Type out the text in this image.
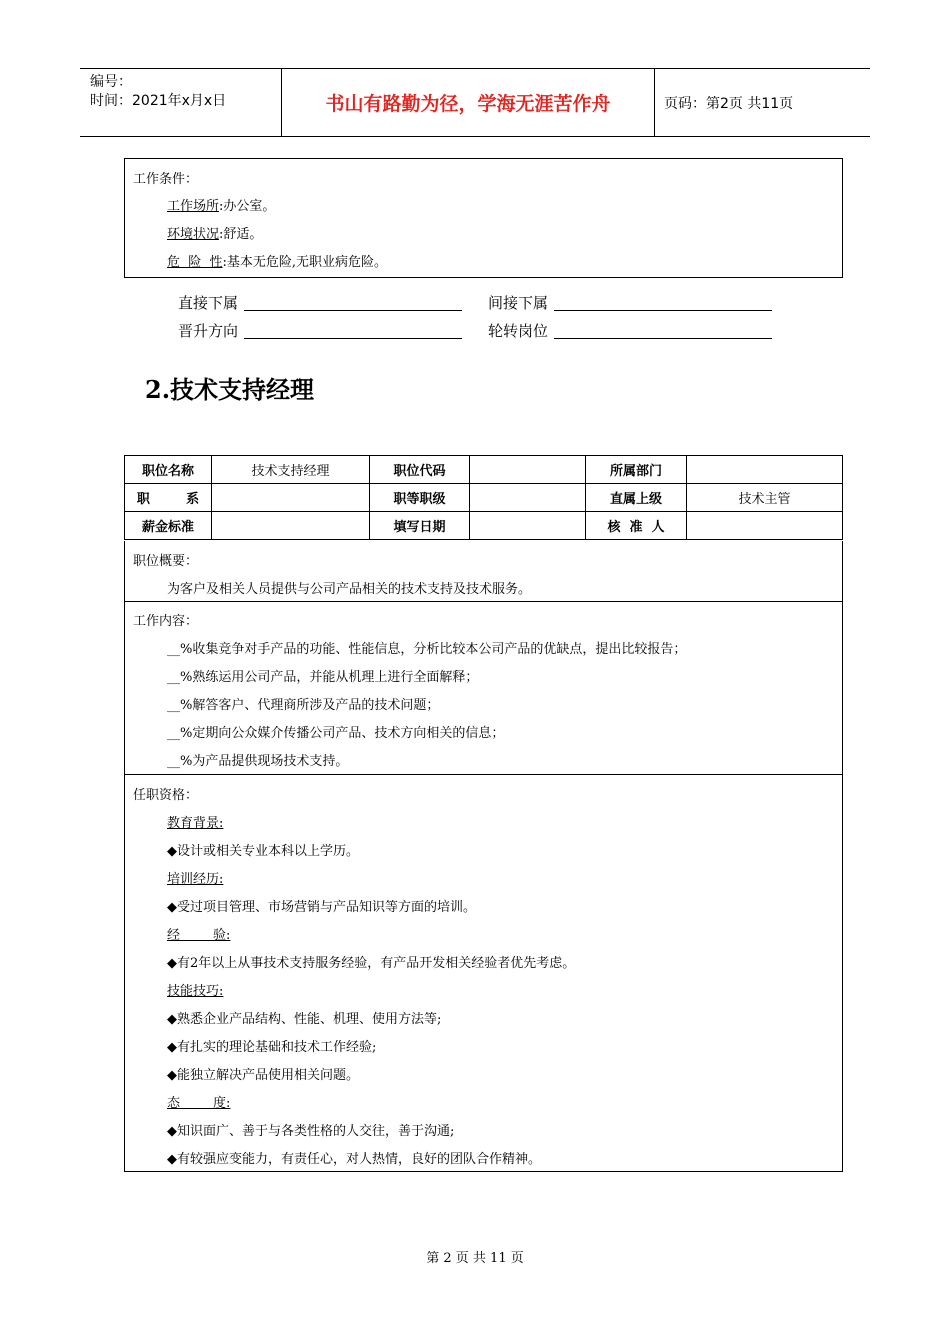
编号：
时间：2021年x月x日	书山有路勤为径，学海无涯苦作舟	页码：第2页 共11页
工作条件：
工作场所:办公室。
环境状况:舒适。
危  险  性:基本无危险,无职业病危险。
直接下属	间接下属
晋升方向	轮转岗位
2.技术支持经理
职位名称	技术支持经理	职位代码		所属部门	
职        系		职等职级		直属上级	技术主管
薪金标准		填写日期		核  准  人	
职位概要：
为客户及相关人员提供与公司产品相关的技术支持及技术服务。
工作内容：
__%收集竞争对手产品的功能、性能信息，分析比较本公司产品的优缺点，提出比较报告；
__%熟练运用公司产品，并能从机理上进行全面解释；
__%解答客户、代理商所涉及产品的技术问题；
__%定期向公众媒介传播公司产品、技术方向相关的信息；
__%为产品提供现场技术支持。
任职资格：
教育背景:
◆设计或相关专业本科以上学历。
培训经历:
◆受过项目管理、市场营销与产品知识等方面的培训。
经        验:
◆有2年以上从事技术支持服务经验，有产品开发相关经验者优先考虑。
技能技巧:
◆熟悉企业产品结构、性能、机理、使用方法等;
◆有扎实的理论基础和技术工作经验;
◆能独立解决产品使用相关问题。
态        度:
◆知识面广、善于与各类性格的人交往，善于沟通;
◆有较强应变能力，有责任心，对人热情，良好的团队合作精神。
第 2 页 共 11 页
